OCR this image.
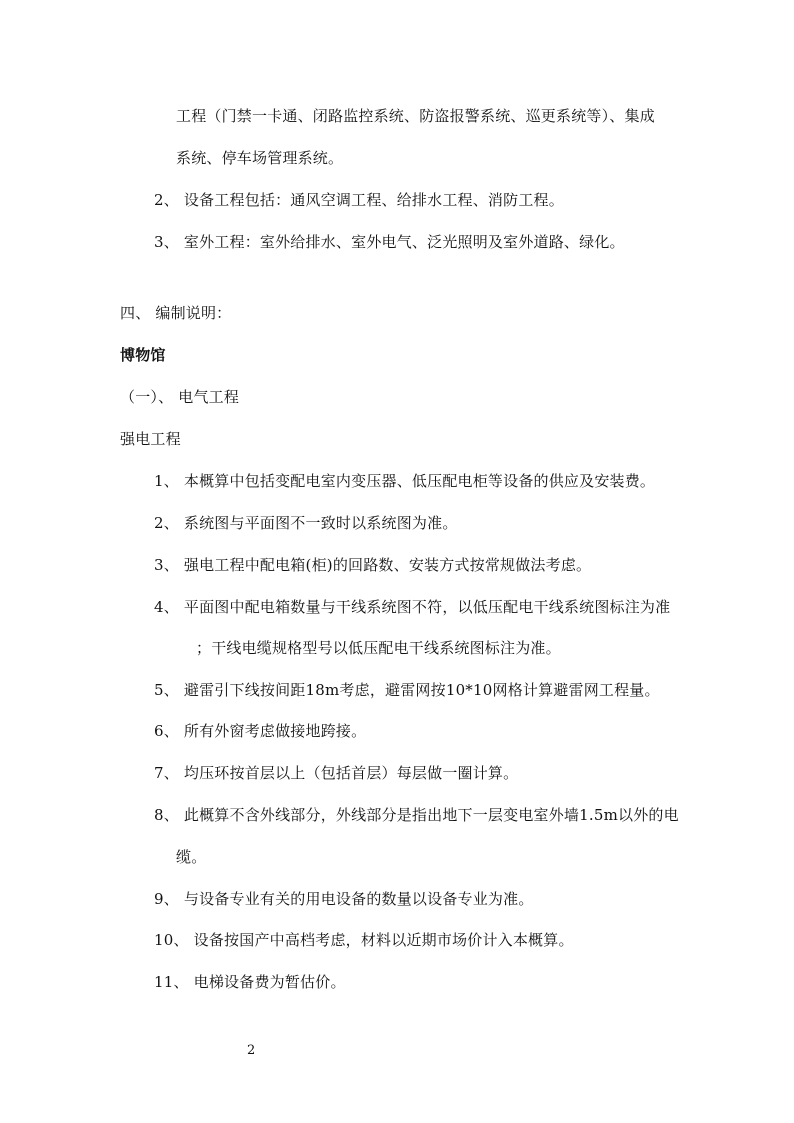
工程（门禁一卡通、闭路监控系统、防盗报警系统、巡更系统等）、集成
系统、停车场管理系统。
2、 设备工程包括：通风空调工程、给排水工程、消防工程。
3、 室外工程：室外给排水、室外电气、泛光照明及室外道路、绿化。
四、 编制说明：
博物馆
（一）、 电气工程
强电工程
1、 本概算中包括变配电室内变压器、低压配电柜等设备的供应及安装费。
2、 系统图与平面图不一致时以系统图为准。
3、 强电工程中配电箱(柜)的回路数、安装方式按常规做法考虑。
4、 平面图中配电箱数量与干线系统图不符，以低压配电干线系统图标注为准
；干线电缆规格型号以低压配电干线系统图标注为准。
5、 避雷引下线按间距18m考虑，避雷网按10*10网格计算避雷网工程量。
6、 所有外窗考虑做接地跨接。
7、 均压环按首层以上（包括首层）每层做一圈计算。
8、 此概算不含外线部分，外线部分是指出地下一层变电室外墙1.5m以外的电
缆。
9、 与设备专业有关的用电设备的数量以设备专业为准。
10、 设备按国产中高档考虑，材料以近期市场价计入本概算。
11、 电梯设备费为暂估价。
2
